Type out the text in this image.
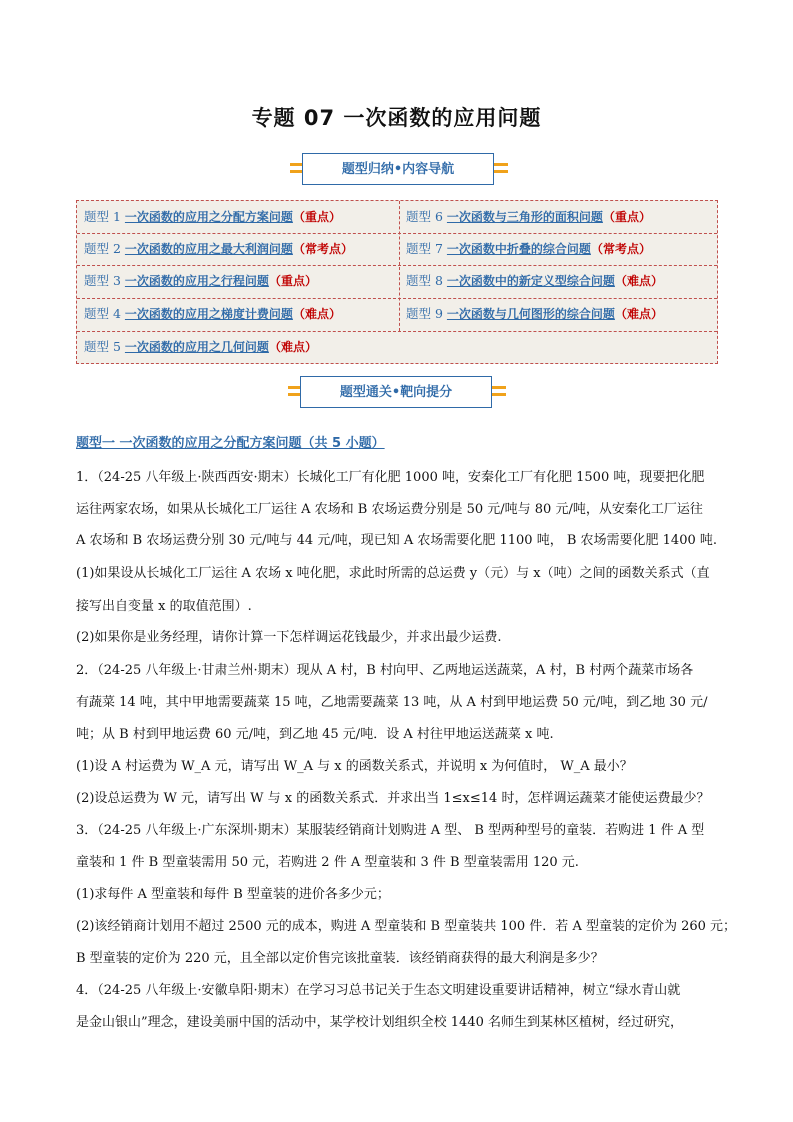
专题 07 一次函数的应用问题
题型归纳•内容导航
题型 1 一次函数的应用之分配方案问题（重点）	题型 6 一次函数与三角形的面积问题（重点）
题型 2 一次函数的应用之最大利润问题（常考点）	题型 7 一次函数中折叠的综合问题（常考点）
题型 3 一次函数的应用之行程问题（重点）	题型 8 一次函数中的新定义型综合问题（难点）
题型 4 一次函数的应用之梯度计费问题（难点）	题型 9 一次函数与几何图形的综合问题（难点）
题型 5 一次函数的应用之几何问题（难点）
题型通关•靶向提分
题型一 一次函数的应用之分配方案问题（共 5 小题）
1．（24-25 八年级上·陕西西安·期末）长城化工厂有化肥 1000 吨，安秦化工厂有化肥 1500 吨，现要把化肥
运往两家农场，如果从长城化工厂运往 A 农场和 B 农场运费分别是 50 元/吨与 80 元/吨，从安秦化工厂运往
A 农场和 B 农场运费分别 30 元/吨与 44 元/吨，现已知 A 农场需要化肥 1100 吨， B 农场需要化肥 1400 吨.
(1)如果设从长城化工厂运往 A 农场 x 吨化肥，求此时所需的总运费 y（元）与 x（吨）之间的函数关系式（直
接写出自变量 x 的取值范围）.
(2)如果你是业务经理，请你计算一下怎样调运花钱最少，并求出最少运费.
2．（24-25 八年级上·甘肃兰州·期末）现从 A 村，B 村向甲、乙两地运送蔬菜，A 村，B 村两个蔬菜市场各
有蔬菜 14 吨，其中甲地需要蔬菜 15 吨，乙地需要蔬菜 13 吨，从 A 村到甲地运费 50 元/吨，到乙地 30 元/
吨；从 B 村到甲地运费 60 元/吨，到乙地 45 元/吨．设 A 村往甲地运送蔬菜 x 吨.
(1)设 A 村运费为 W_A 元，请写出 W_A 与 x 的函数关系式，并说明 x 为何值时， W_A 最小？
(2)设总运费为 W 元，请写出 W 与 x 的函数关系式．并求出当 1≤x≤14 时，怎样调运蔬菜才能使运费最少？
3．（24-25 八年级上·广东深圳·期末）某服装经销商计划购进 A 型、 B 型两种型号的童装．若购进 1 件 A 型
童装和 1 件 B 型童装需用 50 元，若购进 2 件 A 型童装和 3 件 B 型童装需用 120 元.
(1)求每件 A 型童装和每件 B 型童装的进价各多少元；
(2)该经销商计划用不超过 2500 元的成本，购进 A 型童装和 B 型童装共 100 件．若 A 型童装的定价为 260 元；
B 型童装的定价为 220 元，且全部以定价售完该批童装．该经销商获得的最大利润是多少？
4．（24-25 八年级上·安徽阜阳·期末）在学习习总书记关于生态文明建设重要讲话精神，树立“绿水青山就
是金山银山”理念，建设美丽中国的活动中，某学校计划组织全校 1440 名师生到某林区植树，经过研究，
